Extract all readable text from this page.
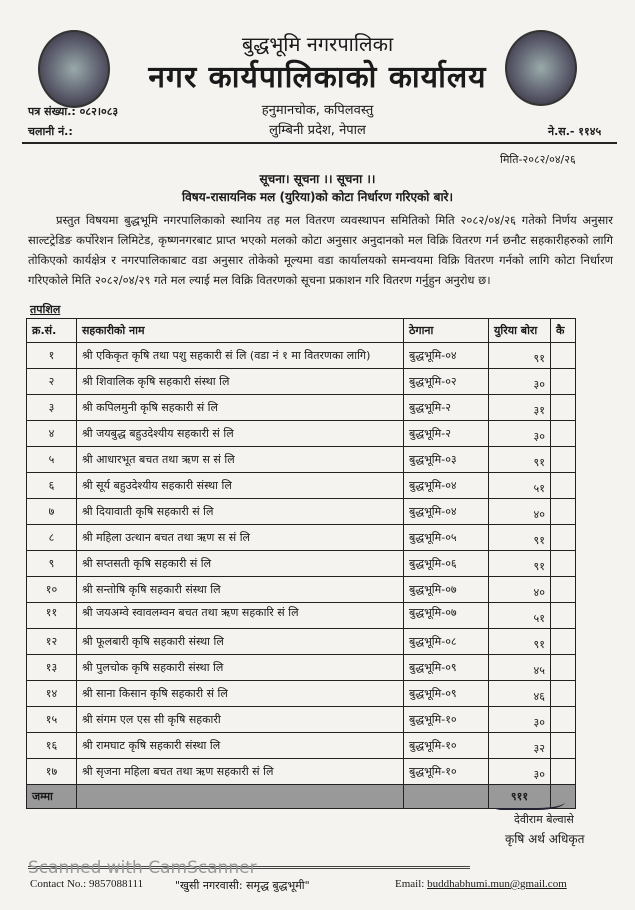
बुद्धभूमि नगरपालिका
नगर कार्यपालिकाको कार्यालय
हनुमानचोक, कपिलवस्तु
लुम्बिनी प्रदेश, नेपाल
पत्र संख्या.: ०८२।०८३
चलानी नं.:	ने.स.- ११४५
मिति-२०८२/०४/२६
सूचना। सूचना ।। सूचना ।।
विषय-रासायनिक मल (युरिया)को कोटा निर्धारण गरिएको बारे।
प्रस्तुत विषयमा बुद्धभूमि नगरपालिकाको स्थानिय तह मल वितरण व्यवस्थापन समितिको मिति २०८२/०४/२६ गतेको निर्णय अनुसार साल्टट्रेडिङ कर्पोरेशन लिमिटेड, कृष्णनगरबाट प्राप्त भएको मलको कोटा अनुसार अनुदानको मल विक्रि वितरण गर्न छनौट सहकारीहरुको लागि तोकिएको कार्यक्षेत्र र नगरपालिकाबाट वडा अनुसार तोकेको मूल्यमा वडा कार्यालयको समन्वयमा विक्रि वितरण गर्नको लागि कोटा निर्धारण गरिएकोले मिति २०८२/०४/२९ गते मल ल्याई मल विक्रि वितरणको सूचना प्रकाशन गरि वितरण गर्नुहुन अनुरोध छ।
तपशिल
क्र.सं.	सहकारीको नाम	ठेगाना	युरिया बोरा	कै
१	श्री एकिकृत कृषि तथा पशु सहकारी सं लि (वडा नं १ मा वितरणका लागि)	बुद्धभूमि-०४	९१	
२	श्री शिवालिक कृषि सहकारी संस्था लि	बुद्धभूमि-०२	३०	
३	श्री कपिलमुनी कृषि सहकारी सं लि	बुद्धभूमि-२	३१	
४	श्री जयबुद्ध बहुउदेश्यीय सहकारी सं लि	बुद्धभूमि-२	३०	
५	श्री आधारभूत बचत तथा ऋण स सं लि	बुद्धभूमि-०३	९१	
६	श्री सूर्य बहुउदेश्यीय सहकारी संस्था लि	बुद्धभूमि-०४	५१	
७	श्री दियावाती कृषि सहकारी सं लि	बुद्धभूमि-०४	४०	
८	श्री महिला उत्थान बचत तथा ऋण स सं लि	बुद्धभूमि-०५	९१	
९	श्री सप्तसती कृषि सहकारी सं लि	बुद्धभूमि-०६	९१	
१०	श्री सन्तोषि कृषि सहकारी संस्था लि	बुद्धभूमि-०७	४०	
११	श्री जयअम्वे स्वावलम्वन बचत तथा ऋण सहकारि सं लि	बुद्धभूमि-०७	५१	
१२	श्री फूलबारी कृषि सहकारी संस्था लि	बुद्धभूमि-०८	९१	
१३	श्री पुलचोक कृषि सहकारी संस्था लि	बुद्धभूमि-०९	४५	
१४	श्री साना किसान कृषि सहकारी सं लि	बुद्धभूमि-०९	४६	
१५	श्री संगम एल एस सी कृषि सहकारी	बुद्धभूमि-१०	३०	
१६	श्री रामघाट कृषि सहकारी संस्था लि	बुद्धभूमि-१०	३२	
१७	श्री सृजना महिला बचत तथा ऋण सहकारी सं लि	बुद्धभूमि-१०	३०	
जम्मा			९११	
देवीराम बेल्वासे
कृषि अर्थ अधिकृत
Scanned with CamScanner
Contact No.: 9857088111	"खुसी नगरवासी: समृद्ध बुद्धभूमी"	Email: buddhabhumi.mun@gmail.com
